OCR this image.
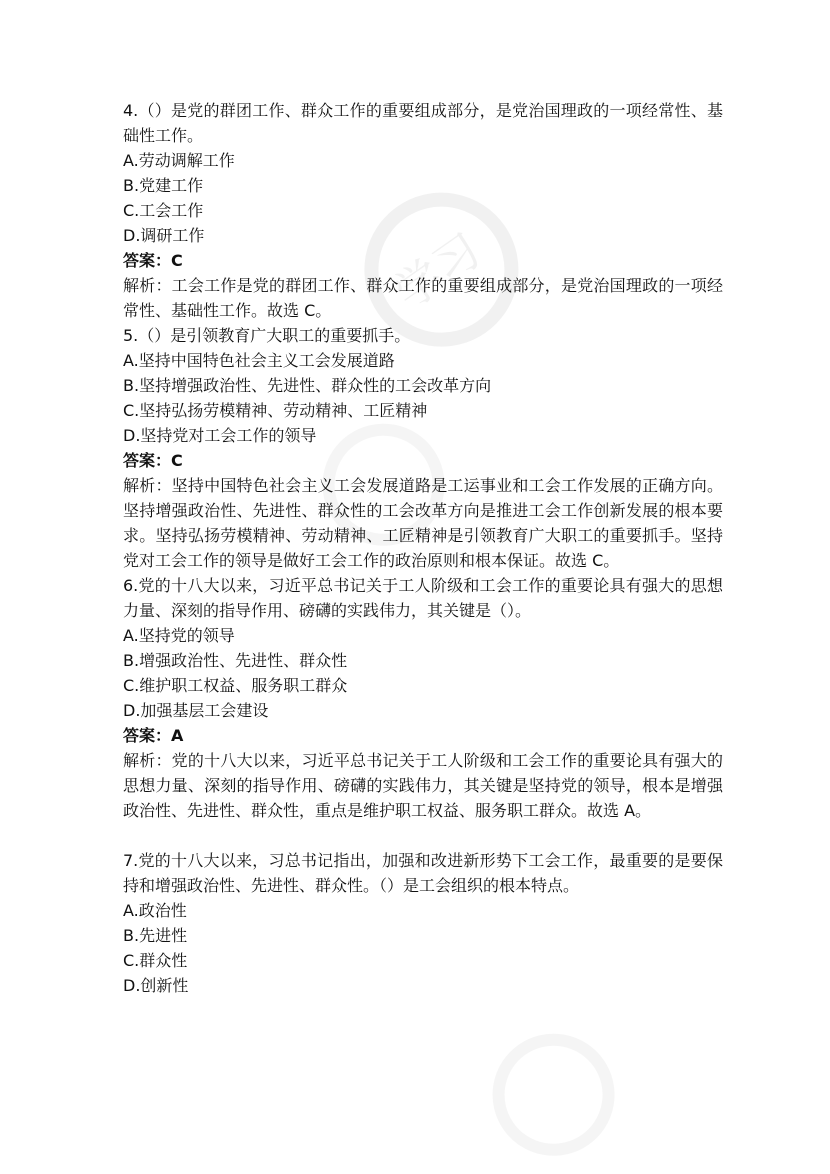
学习
4.（）是党的群团工作、群众工作的重要组成部分，是党治国理政的一项经常性、基础性工作。
A.劳动调解工作
B.党建工作
C.工会工作
D.调研工作
答案：C
解析：工会工作是党的群团工作、群众工作的重要组成部分，是党治国理政的一项经常性、基础性工作。故选 C。
5.（）是引领教育广大职工的重要抓手。
A.坚持中国特色社会主义工会发展道路
B.坚持增强政治性、先进性、群众性的工会改革方向
C.坚持弘扬劳模精神、劳动精神、工匠精神
D.坚持党对工会工作的领导
答案：C
解析：坚持中国特色社会主义工会发展道路是工运事业和工会工作发展的正确方向。坚持增强政治性、先进性、群众性的工会改革方向是推进工会工作创新发展的根本要求。坚持弘扬劳模精神、劳动精神、工匠精神是引领教育广大职工的重要抓手。坚持党对工会工作的领导是做好工会工作的政治原则和根本保证。故选 C。
6.党的十八大以来，习近平总书记关于工人阶级和工会工作的重要论具有强大的思想力量、深刻的指导作用、磅礴的实践伟力，其关键是（）。
A.坚持党的领导
B.增强政治性、先进性、群众性
C.维护职工权益、服务职工群众
D.加强基层工会建设
答案：A
解析：党的十八大以来，习近平总书记关于工人阶级和工会工作的重要论具有强大的思想力量、深刻的指导作用、磅礴的实践伟力，其关键是坚持党的领导，根本是增强政治性、先进性、群众性，重点是维护职工权益、服务职工群众。故选 A。
7.党的十八大以来，习总书记指出，加强和改进新形势下工会工作，最重要的是要保持和增强政治性、先进性、群众性。（）是工会组织的根本特点。
A.政治性
B.先进性
C.群众性
D.创新性
